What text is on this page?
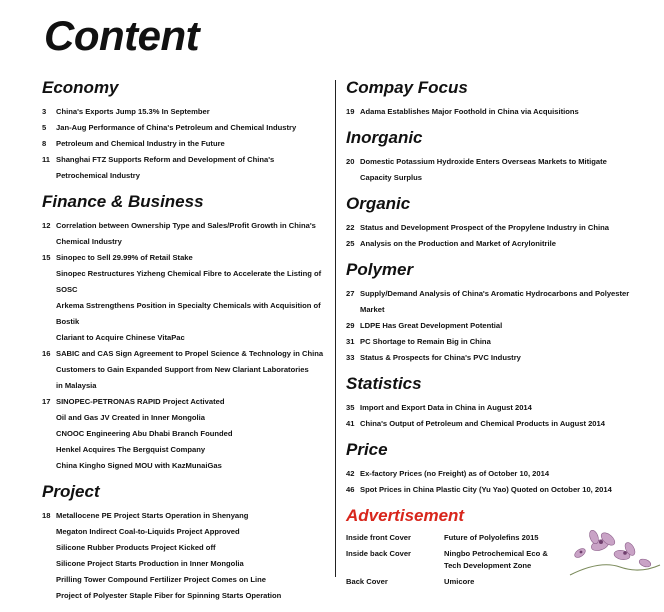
Content
Economy
3	China's Exports Jump 15.3% In September
5	Jan-Aug Performance of China's Petroleum and Chemical Industry
8	Petroleum and Chemical Industry in the Future
11 Shanghai FTZ Supports Reform and Development of China's
Petrochemical Industry
Finance & Business
12 Correlation between Ownership Type and Sales/Profit Growth in China's
Chemical Industry
15 Sinopec to Sell 29.99% of Retail Stake
Sinopec Restructures Yizheng Chemical Fibre to Accelerate the Listing of SOSC
Arkema Sstrengthens Position in Specialty Chemicals with Acquisition of Bostik
Clariant to Acquire Chinese VitaPac
16 SABIC and CAS Sign Agreement to Propel Science & Technology in China
Customers to Gain Expanded Support from New Clariant Laboratories
in Malaysia
17 SINOPEC-PETRONAS RAPID Project Activated
Oil and Gas JV Created in Inner Mongolia
CNOOC Engineering Abu Dhabi Branch Founded
Henkel Acquires The Bergquist Company
China Kingho Signed MOU with KazMunaiGas
Project
18 Metallocene PE Project Starts Operation in Shenyang
Megaton Indirect Coal-to-Liquids Project Approved
Silicone Rubber Products Project Kicked off
Silicone Project Starts Production in Inner Mongolia
Prilling Tower Compound Fertilizer Project Comes on Line
Project of Polyester Staple Fiber for Spinning Starts Operation
Compay Focus
19 Adama Establishes Major Foothold in China via Acquisitions
Inorganic
20 Domestic Potassium Hydroxide Enters Overseas Markets to Mitigate
Capacity Surplus
Organic
22 Status and Development Prospect of the Propylene Industry in China
25 Analysis on the Production and Market of Acrylonitrile
Polymer
27 Supply/Demand Analysis of China's Aromatic Hydrocarbons and Polyester Market
29 LDPE Has Great Development Potential
31 PC Shortage to Remain Big in China
33 Status & Prospects for China's PVC Industry
Statistics
35 Import and Export Data in China in August 2014
41 China's Output of Petroleum and Chemical Products in August 2014
Price
42 Ex-factory Prices (no Freight) as of October 10, 2014
46 Spot Prices in China Plastic City (Yu Yao) Quoted on October 10, 2014
Advertisement
Inside front Cover	Future of Polyolefins 2015
Inside back Cover	Ningbo Petrochemical Eco &
Tech Development Zone
Back Cover	Umicore
